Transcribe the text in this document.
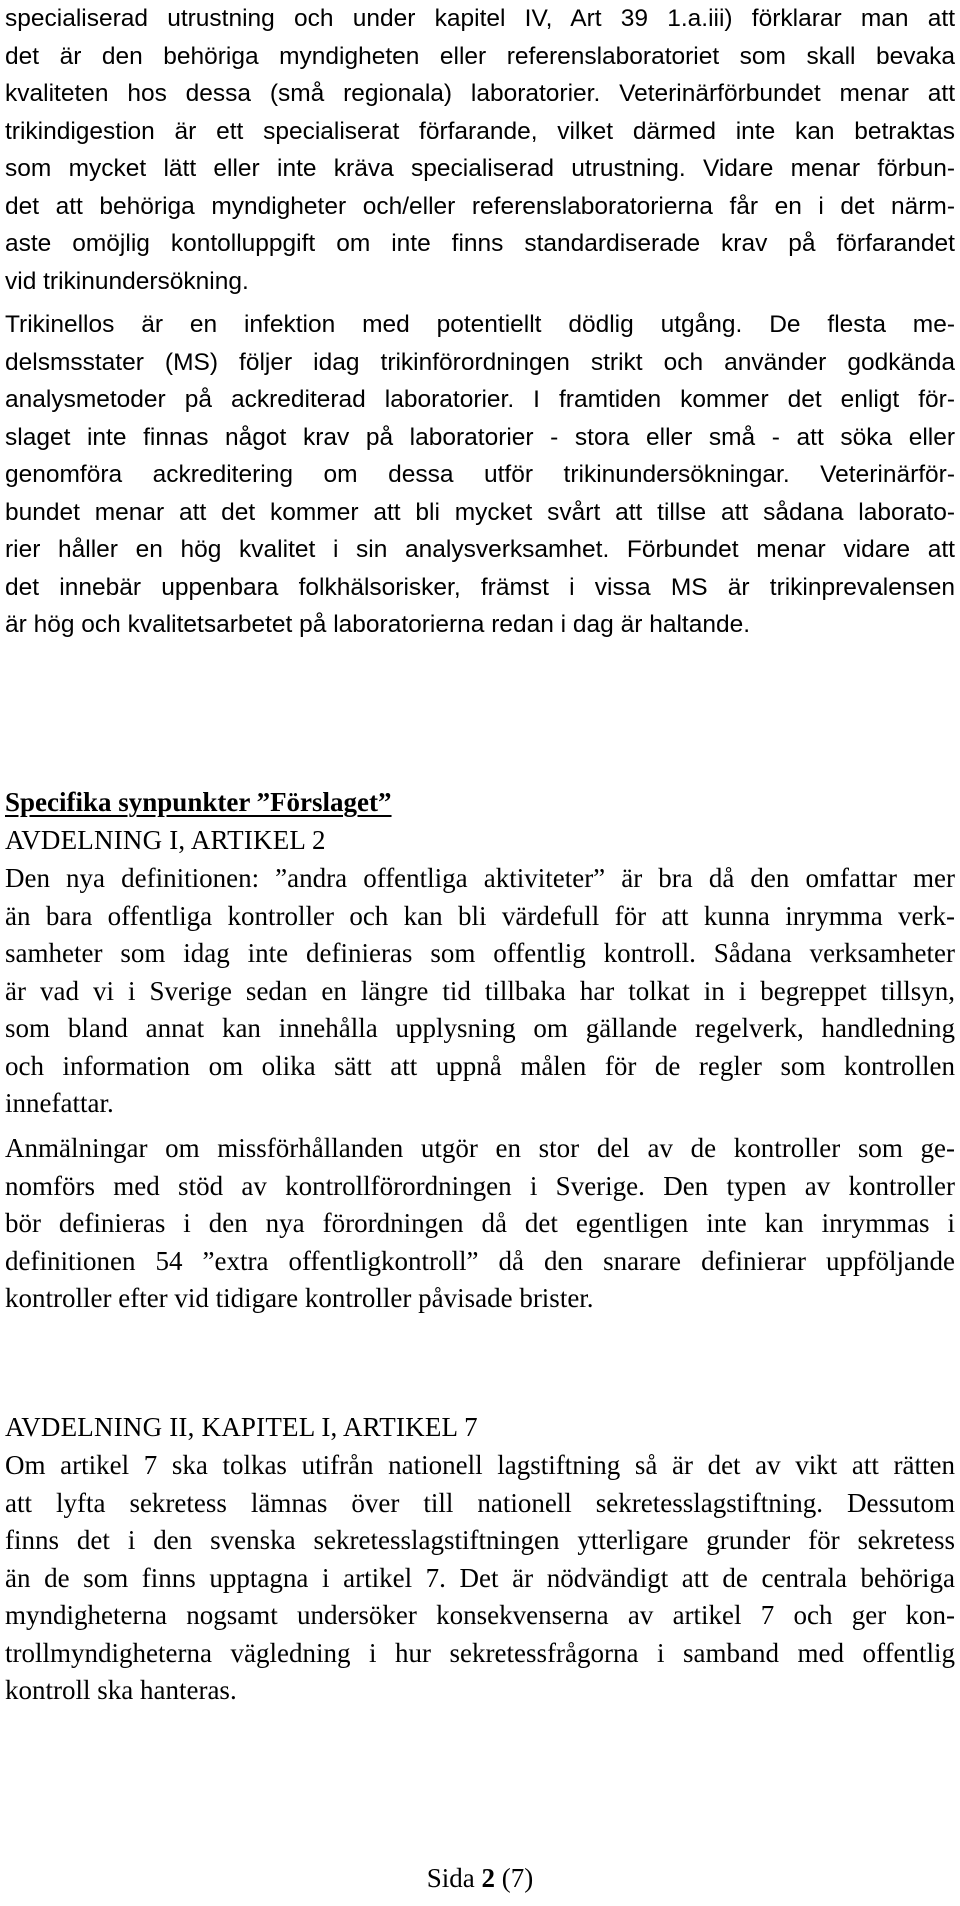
specialiserad utrustning och under kapitel IV, Art 39 1.a.iii) förklarar man att
det är den behöriga myndigheten eller referenslaboratoriet som skall bevaka
kvaliteten hos dessa (små regionala) laboratorier. Veterinärförbundet menar att
trikindigestion är ett specialiserat förfarande, vilket därmed inte kan betraktas
som mycket lätt eller inte kräva specialiserad utrustning. Vidare menar förbun-
det att behöriga myndigheter och/eller referenslaboratorierna får en i det närm-
aste omöjlig kontolluppgift om inte finns standardiserade krav på förfarandet
vid trikinundersökning.
Trikinellos är en infektion med potentiellt dödlig utgång. De flesta me-
delsmsstater (MS) följer idag trikinförordningen strikt och använder godkända
analysmetoder på ackrediterad laboratorier. I framtiden kommer det enligt för-
slaget inte finnas något krav på laboratorier - stora eller små - att söka eller
genomföra ackreditering om dessa utför trikinundersökningar. Veterinärför-
bundet menar att det kommer att bli mycket svårt att tillse att sådana laborato-
rier håller en hög kvalitet i sin analysverksamhet. Förbundet menar vidare att
det innebär uppenbara folkhälsorisker, främst i vissa MS är trikinprevalensen
är hög och kvalitetsarbetet på laboratorierna redan i dag är haltande.
Specifika synpunkter ”Förslaget”
AVDELNING I, ARTIKEL 2
Den nya definitionen: ”andra offentliga aktiviteter” är bra då den omfattar mer
än bara offentliga kontroller och kan bli värdefull för att kunna inrymma verk-
samheter som idag inte definieras som offentlig kontroll. Sådana verksamheter
är vad vi i Sverige sedan en längre tid tillbaka har tolkat in i begreppet tillsyn,
som bland annat kan innehålla upplysning om gällande regelverk, handledning
och information om olika sätt att uppnå målen för de regler som kontrollen
innefattar.
Anmälningar om missförhållanden utgör en stor del av de kontroller som ge-
nomförs med stöd av kontrollförordningen i Sverige. Den typen av kontroller
bör definieras i den nya förordningen då det egentligen inte kan inrymmas i
definitionen 54 ”extra offentligkontroll” då den snarare definierar uppföljande
kontroller efter vid tidigare kontroller påvisade brister.
AVDELNING II, KAPITEL I, ARTIKEL 7
Om artikel 7 ska tolkas utifrån nationell lagstiftning så är det av vikt att rätten
att lyfta sekretess lämnas över till nationell sekretesslagstiftning. Dessutom
finns det i den svenska sekretesslagstiftningen ytterligare grunder för sekretess
än de som finns upptagna i artikel 7. Det är nödvändigt att de centrala behöriga
myndigheterna nogsamt undersöker konsekvenserna av artikel 7 och ger kon-
trollmyndigheterna vägledning i hur sekretessfrågorna i samband med offentlig
kontroll ska hanteras.
Sida 2 (7)
